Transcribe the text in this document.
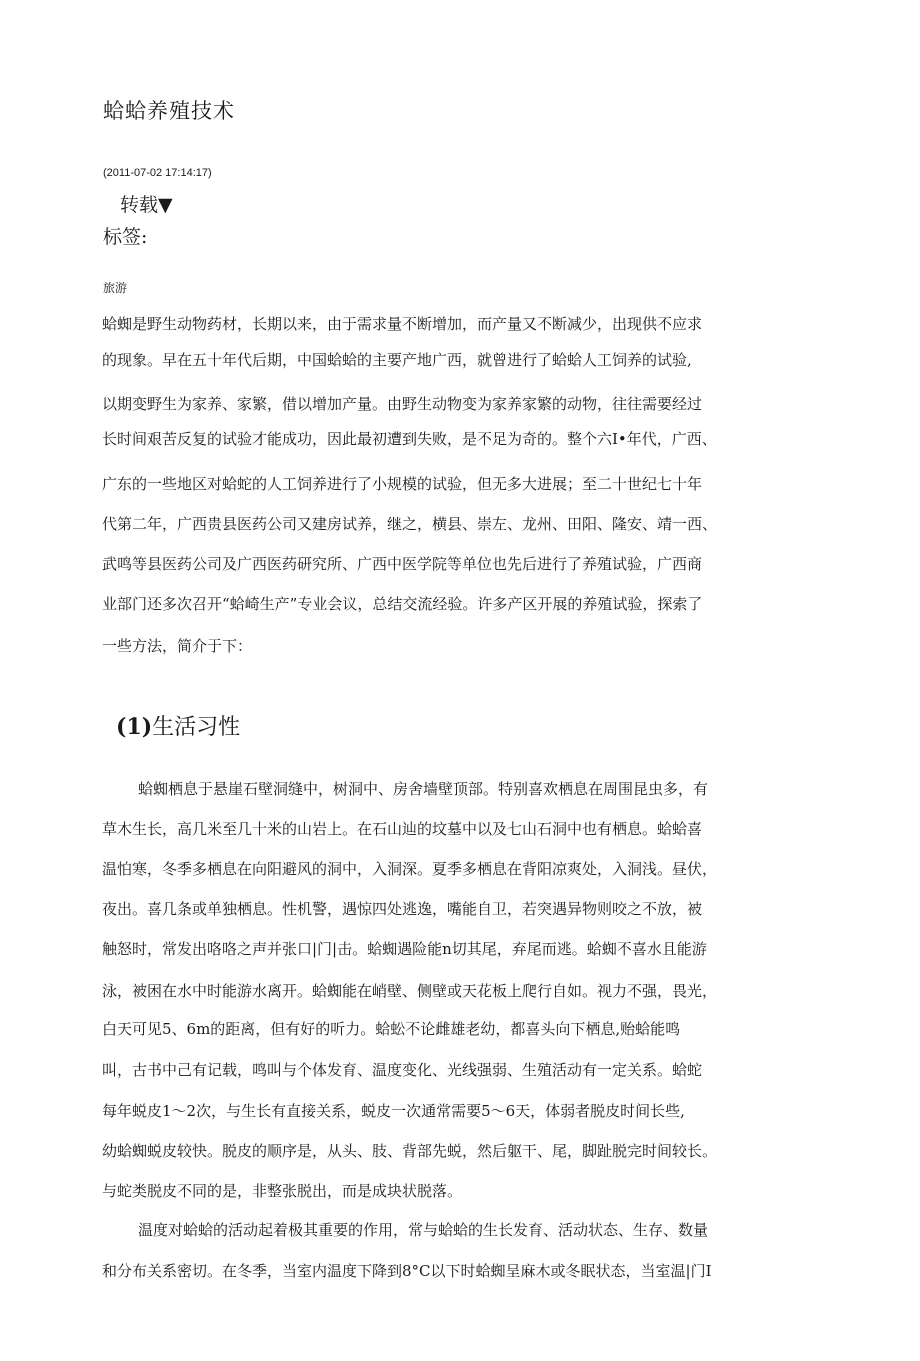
蛤蛤养殖技术
(2011-07-02 17:14:17)
转载▼
标签:
旅游
蛤蜘是野生动物药材，长期以来，由于需求量不断增加，而产量又不断减少，出现供不应求
的现象。早在五十年代后期，中国蛤蛤的主要产地广西，就曾进行了蛤蛤人工饲养的试验,
以期变野生为家养、家繁，借以增加产量。由野生动物变为家养家繁的动物，往往需要经过
长时间艰苦反复的试验才能成功，因此最初遭到失败，是不足为奇的。整个六I•年代，广西、
广东的一些地区对蛤蛇的人工饲养进行了小规模的试验，但无多大进展；至二十世纪七十年
代第二年，广西贵县医药公司又建房试养，继之，横县、崇左、龙州、田阳、隆安、靖一西、
武鸣等县医药公司及广西医药研究所、广西中医学院等单位也先后进行了养殖试验，广西商
业部门还多次召开“蛤崎生产”专业会议，总结交流经验。许多产区开展的养殖试验，探索了
一些方法，简介于下：
(1)生活习性
蛤蜘栖息于悬崖石壁洞缝中，树洞中、房舍墙壁顶部。特别喜欢栖息在周围昆虫多，有
草木生长，高几米至几十米的山岩上。在石山辿的坟墓中以及七山石洞中也有栖息。蛤蛤喜
温怕寒，冬季多栖息在向阳避风的洞中，入洞深。夏季多栖息在背阳凉爽处，入洞浅。昼伏，
夜出。喜几条或单独栖息。性机警，遇惊四处逃逸，嘴能自卫，若突遇异物则咬之不放，被
触怒时，常发出咯咯之声并张口|门|击。蛤蜘遇险能n切其尾，弃尾而逃。蛤蜘不喜水且能游
泳，被困在水中时能游水离开。蛤蜘能在峭壁、侧壁或天花板上爬行自如。视力不强，畏光，
白天可见5、6m的距离，但有好的听力。蛤蚣不论雌雄老幼，都喜头向下栖息,贻蛤能鸣
叫，古书中己有记载，鸣叫与个体发育、温度变化、光线强弱、生殖活动有一定关系。蛤蛇
每年蜕皮1〜2次，与生长有直接关系，蜕皮一次通常需要5〜6天，体弱者脱皮时间长些,
幼蛤蜘蜕皮较快。脱皮的顺序是，从头、肢、背部先蜕，然后躯干、尾，脚趾脱完时间较长。
与蛇类脱皮不同的是，非整张脱出，而是成块状脱落。
温度对蛤蛤的活动起着极其重要的作用，常与蛤蛤的生长发育、活动状态、生存、数量
和分布关系密切。在冬季，当室内温度下降到8°C以下时蛤蜘呈麻木或冬眠状态，当室温|门I
